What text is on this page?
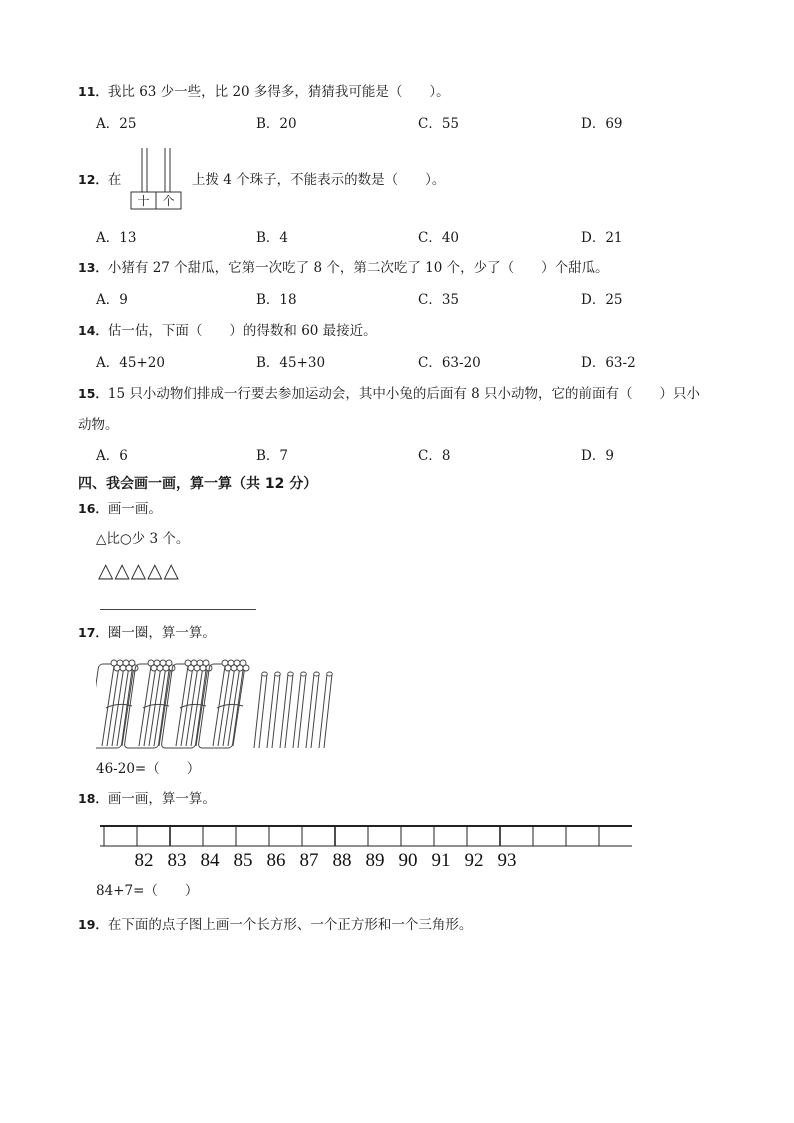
11．我比 63 少一些，比 20 多得多，猜猜我可能是（　　）。
A．25	B．20	C．55	D．69
12．在
十 个
上拨 4 个珠子，不能表示的数是（　　）。
A．13	B．4	C．40	D．21
13．小猪有 27 个甜瓜，它第一次吃了 8 个，第二次吃了 10 个，少了（　　）个甜瓜。
A．9	B．18	C．35	D．25
14．估一估，下面（　　）的得数和 60 最接近。
A．45+20	B．45+30	C．63-20	D．63-2
15．15 只小动物们排成一行要去参加运动会，其中小兔的后面有 8 只小动物，它的前面有（　　）只小
动物。
A．6	B．7	C．8	D．9
四、我会画一画，算一算（共 12 分）
16．画一画。
△比○少 3 个。
△△△△△
17．圈一圈，算一算。
46-20=（　　）
18．画一画，算一算。
82 83 84 85 86 87 88 89 90 91 92 93
84+7=（　　）
19．在下面的点子图上画一个长方形、一个正方形和一个三角形。
